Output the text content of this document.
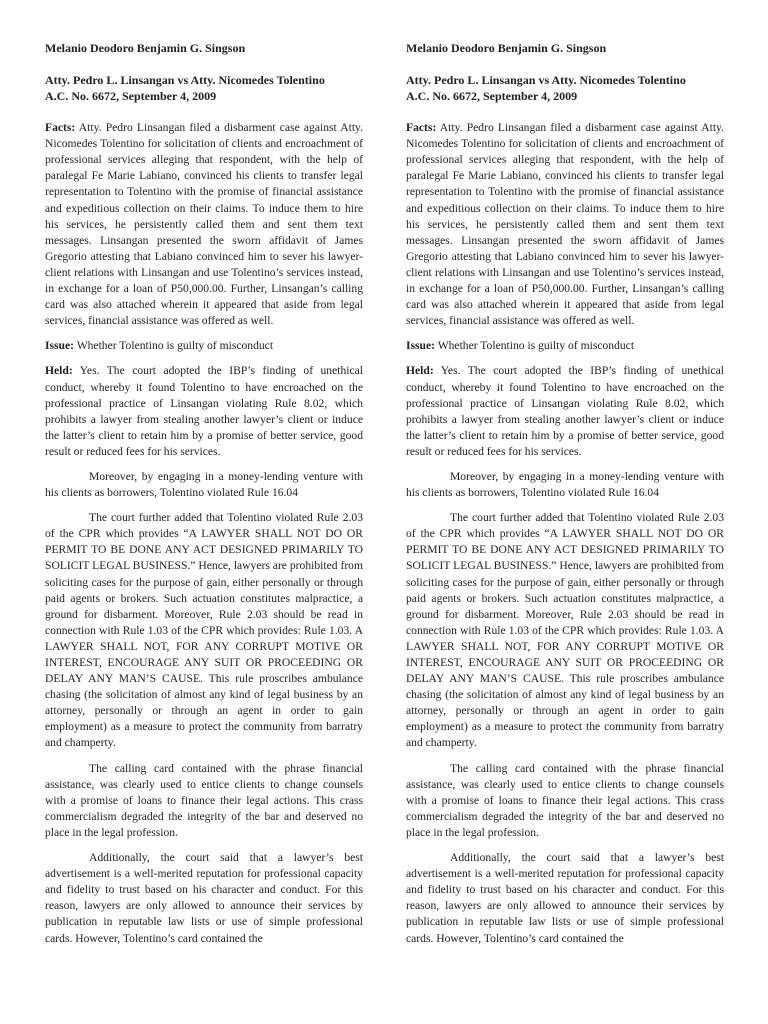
Melanio Deodoro Benjamin G. Singson
Atty. Pedro L. Linsangan vs Atty. Nicomedes Tolentino
A.C. No. 6672, September 4, 2009

Facts: Atty. Pedro Linsangan filed a disbarment case against Atty. Nicomedes Tolentino for solicitation of clients and encroachment of professional services alleging that respondent, with the help of paralegal Fe Marie Labiano, convinced his clients to transfer legal representation to Tolentino with the promise of financial assistance and expeditious collection on their claims. To induce them to hire his services, he persistently called them and sent them text messages. Linsangan presented the sworn affidavit of James Gregorio attesting that Labiano convinced him to sever his lawyer-client relations with Linsangan and use Tolentino’s services instead, in exchange for a loan of P50,000.00. Further, Linsangan’s calling card was also attached wherein it appeared that aside from legal services, financial assistance was offered as well.

Issue: Whether Tolentino is guilty of misconduct

Held: Yes. The court adopted the IBP’s finding of unethical conduct, whereby it found Tolentino to have encroached on the professional practice of Linsangan violating Rule 8.02, which prohibits a lawyer from stealing another lawyer’s client or induce the latter’s client to retain him by a promise of better service, good result or reduced fees for his services.

Moreover, by engaging in a money-lending venture with his clients as borrowers, Tolentino violated Rule 16.04

The court further added that Tolentino violated Rule 2.03 of the CPR which provides “A LAWYER SHALL NOT DO OR PERMIT TO BE DONE ANY ACT DESIGNED PRIMARILY TO SOLICIT LEGAL BUSINESS.” Hence, lawyers are prohibited from soliciting cases for the purpose of gain, either personally or through paid agents or brokers. Such actuation constitutes malpractice, a ground for disbarment. Moreover, Rule 2.03 should be read in connection with Rule 1.03 of the CPR which provides: Rule 1.03. A LAWYER SHALL NOT, FOR ANY CORRUPT MOTIVE OR INTEREST, ENCOURAGE ANY SUIT OR PROCEEDING OR DELAY ANY MAN’S CAUSE. This rule proscribes ambulance chasing (the solicitation of almost any kind of legal business by an attorney, personally or through an agent in order to gain employment) as a measure to protect the community from barratry and champerty.

The calling card contained with the phrase financial assistance, was clearly used to entice clients to change counsels with a promise of loans to finance their legal actions. This crass commercialism degraded the integrity of the bar and deserved no place in the legal profession.

Additionally, the court said that a lawyer’s best advertisement is a well-merited reputation for professional capacity and fidelity to trust based on his character and conduct. For this reason, lawyers are only allowed to announce their services by publication in reputable law lists or use of simple professional cards. However, Tolentino’s card contained the

Melanio Deodoro Benjamin G. Singson
Atty. Pedro L. Linsangan vs Atty. Nicomedes Tolentino
A.C. No. 6672, September 4, 2009

Facts: Atty. Pedro Linsangan filed a disbarment case against Atty. Nicomedes Tolentino for solicitation of clients and encroachment of professional services alleging that respondent, with the help of paralegal Fe Marie Labiano, convinced his clients to transfer legal representation to Tolentino with the promise of financial assistance and expeditious collection on their claims. To induce them to hire his services, he persistently called them and sent them text messages. Linsangan presented the sworn affidavit of James Gregorio attesting that Labiano convinced him to sever his lawyer-client relations with Linsangan and use Tolentino’s services instead, in exchange for a loan of P50,000.00. Further, Linsangan’s calling card was also attached wherein it appeared that aside from legal services, financial assistance was offered as well.

Issue: Whether Tolentino is guilty of misconduct

Held: Yes. The court adopted the IBP’s finding of unethical conduct, whereby it found Tolentino to have encroached on the professional practice of Linsangan violating Rule 8.02, which prohibits a lawyer from stealing another lawyer’s client or induce the latter’s client to retain him by a promise of better service, good result or reduced fees for his services.

Moreover, by engaging in a money-lending venture with his clients as borrowers, Tolentino violated Rule 16.04

The court further added that Tolentino violated Rule 2.03 of the CPR which provides “A LAWYER SHALL NOT DO OR PERMIT TO BE DONE ANY ACT DESIGNED PRIMARILY TO SOLICIT LEGAL BUSINESS.” Hence, lawyers are prohibited from soliciting cases for the purpose of gain, either personally or through paid agents or brokers. Such actuation constitutes malpractice, a ground for disbarment. Moreover, Rule 2.03 should be read in connection with Rule 1.03 of the CPR which provides: Rule 1.03. A LAWYER SHALL NOT, FOR ANY CORRUPT MOTIVE OR INTEREST, ENCOURAGE ANY SUIT OR PROCEEDING OR DELAY ANY MAN’S CAUSE. This rule proscribes ambulance chasing (the solicitation of almost any kind of legal business by an attorney, personally or through an agent in order to gain employment) as a measure to protect the community from barratry and champerty.

The calling card contained with the phrase financial assistance, was clearly used to entice clients to change counsels with a promise of loans to finance their legal actions. This crass commercialism degraded the integrity of the bar and deserved no place in the legal profession.

Additionally, the court said that a lawyer’s best advertisement is a well-merited reputation for professional capacity and fidelity to trust based on his character and conduct. For this reason, lawyers are only allowed to announce their services by publication in reputable law lists or use of simple professional cards. However, Tolentino’s card contained the
